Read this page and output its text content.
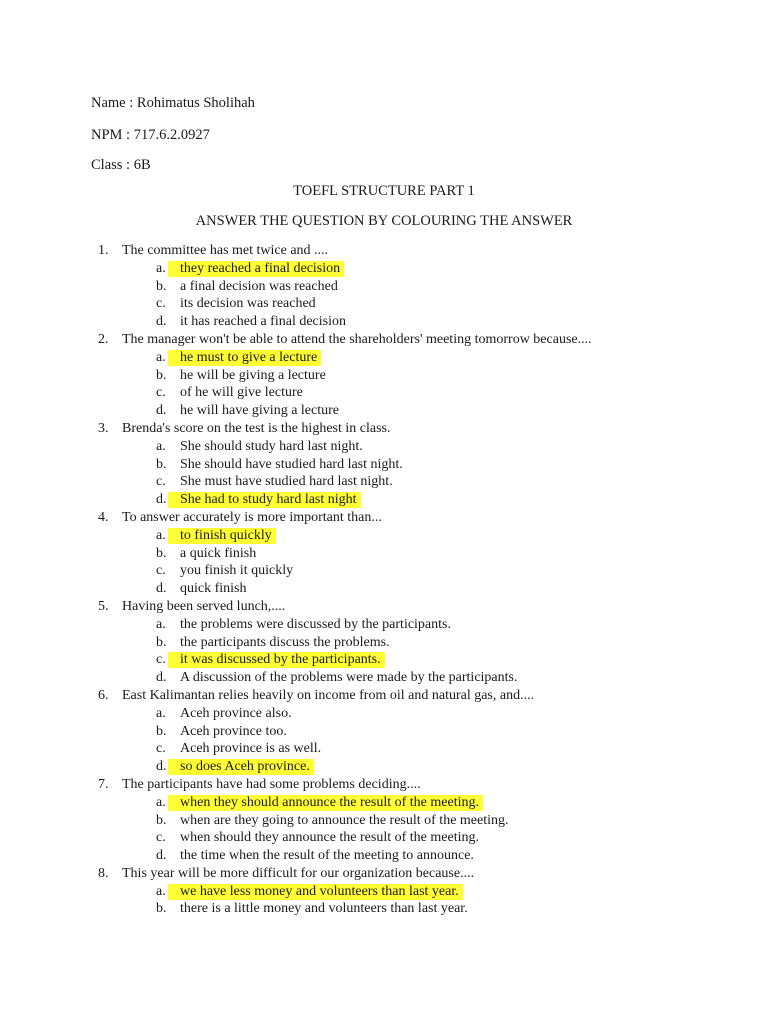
Name : Rohimatus Sholihah
NPM : 717.6.2.0927
Class : 6B
TOEFL STRUCTURE PART 1
ANSWER THE QUESTION BY COLOURING THE ANSWER
1. The committee has met twice and ....
a. they reached a final decision
b. a final decision was reached
c. its decision was reached
d. it has reached a final decision
2. The manager won't be able to attend the shareholders' meeting tomorrow because....
a. he must to give a lecture
b. he will be giving a lecture
c. of he will give lecture
d. he will have giving a lecture
3. Brenda's score on the test is the highest in class.
a. She should study hard last night.
b. She should have studied hard last night.
c. She must have studied hard last night.
d. She had to study hard last night
4. To answer accurately is more important than...
a. to finish quickly
b. a quick finish
c. you finish it quickly
d. quick finish
5. Having been served lunch,....
a. the problems were discussed by the participants.
b. the participants discuss the problems.
c. it was discussed by the participants.
d. A discussion of the problems were made by the participants.
6. East Kalimantan relies heavily on income from oil and natural gas, and....
a. Aceh province also.
b. Aceh province too.
c. Aceh province is as well.
d. so does Aceh province.
7. The participants have had some problems deciding....
a. when they should announce the result of the meeting.
b. when are they going to announce the result of the meeting.
c. when should they announce the result of the meeting.
d. the time when the result of the meeting to announce.
8. This year will be more difficult for our organization because....
a. we have less money and volunteers than last year.
b. there is a little money and volunteers than last year.
